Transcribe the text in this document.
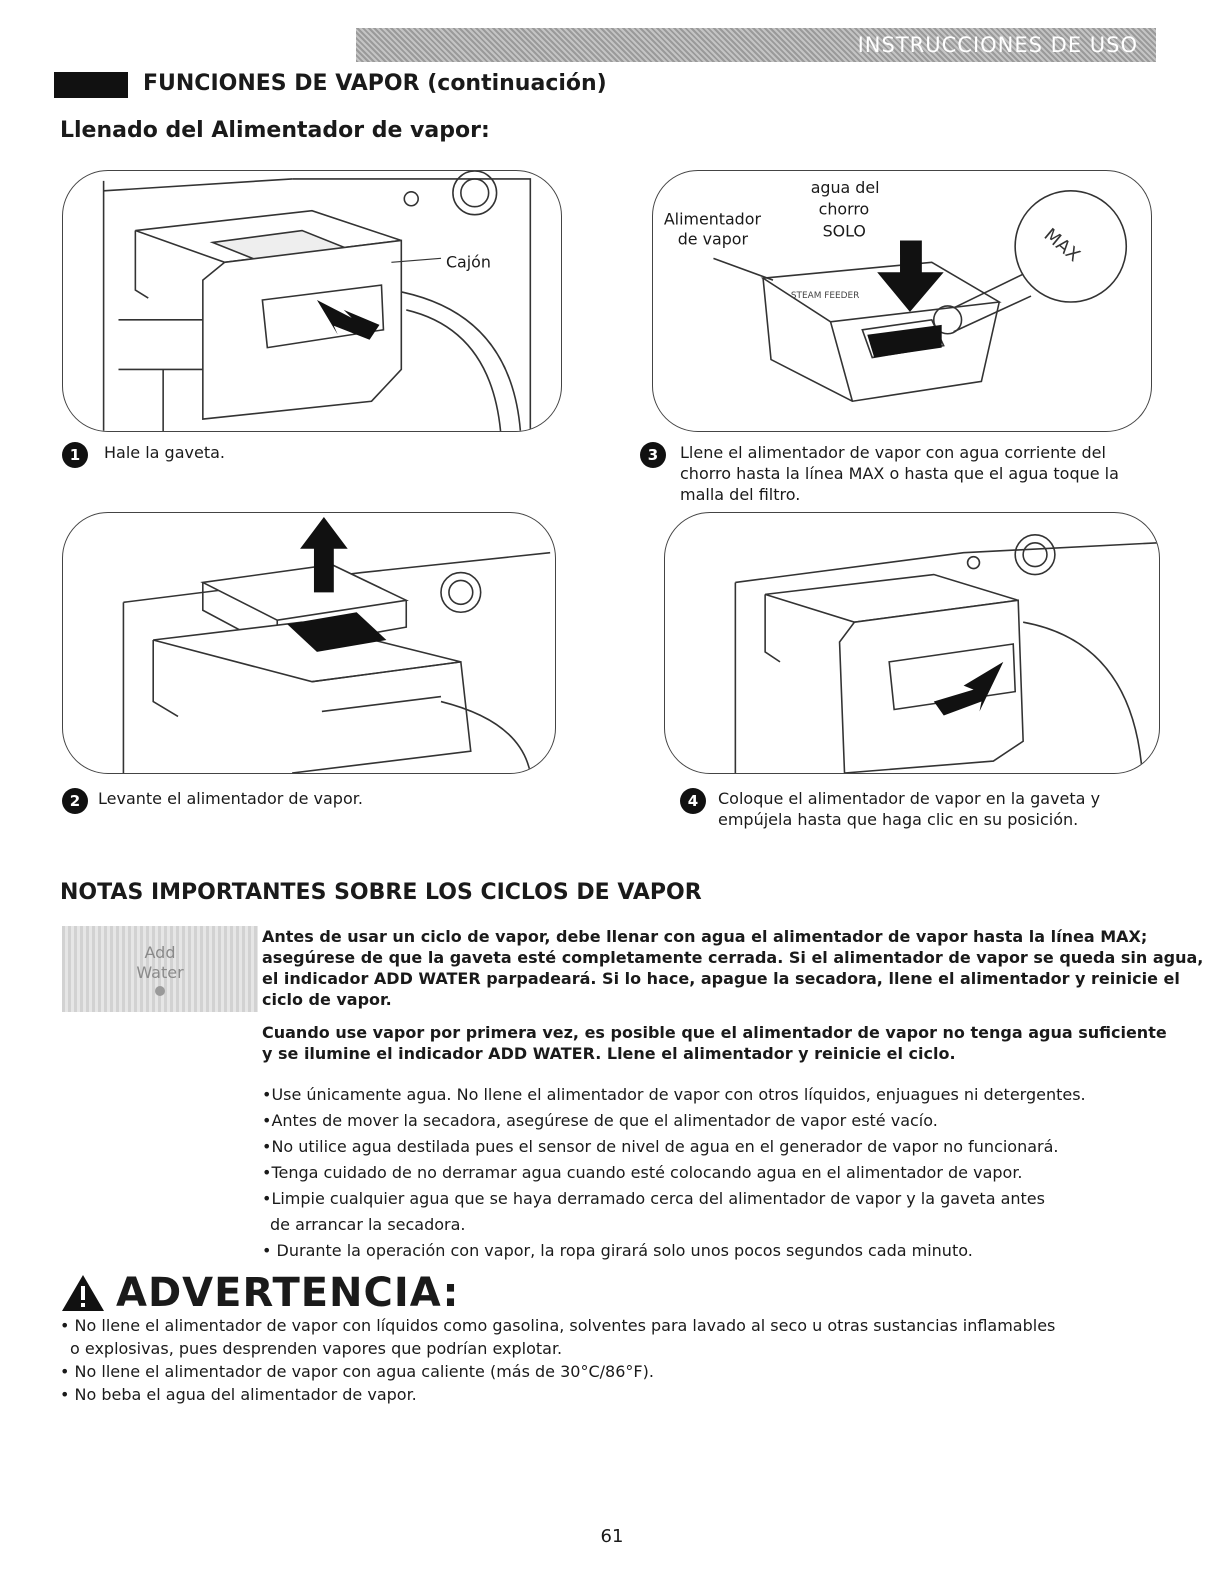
INSTRUCCIONES DE USO
FUNCIONES DE VAPOR (continuación)
Llenado del Alimentador de vapor:
Cajón
1	Hale la gaveta.
2	Levante el alimentador de vapor.
STEAM FEEDER
MAX
Alimentador
de vapor
agua del
chorro
SOLO
3	Llene el alimentador de vapor con agua corriente del
chorro hasta la línea MAX o hasta que el agua toque la
malla del filtro.
4	Coloque el alimentador de vapor en la gaveta y
empújela hasta que haga clic en su posición.
NOTAS IMPORTANTES SOBRE LOS CICLOS DE VAPOR
Add
Water
Antes de usar un ciclo de vapor, debe llenar con agua el alimentador de vapor hasta la línea MAX;
asegúrese de que la gaveta esté completamente cerrada. Si el alimentador de vapor se queda sin agua,
el indicador ADD WATER parpadeará. Si lo hace, apague la secadora, llene el alimentador y reinicie el
ciclo de vapor.
Cuando use vapor por primera vez, es posible que el alimentador de vapor no tenga agua suficiente
y se ilumine el indicador ADD WATER. Llene el alimentador y reinicie el ciclo.
•Use únicamente agua. No llene el alimentador de vapor con otros líquidos, enjuagues ni detergentes.
•Antes de mover la secadora, asegúrese de que el alimentador de vapor esté vacío.
•No utilice agua destilada pues el sensor de nivel de agua en el generador de vapor no funcionará.
•Tenga cuidado de no derramar agua cuando esté colocando agua en el alimentador de vapor.
•Limpie cualquier agua que se haya derramado cerca del alimentador de vapor y la gaveta antes
de arrancar la secadora.
• Durante la operación con vapor, la ropa girará solo unos pocos segundos cada minuto.
ADVERTENCIA:
• No llene el alimentador de vapor con líquidos como gasolina, solventes para lavado al seco u otras sustancias inflamables
o explosivas, pues desprenden vapores que podrían explotar.
• No llene el alimentador de vapor con agua caliente (más de 30°C/86°F).
• No beba el agua del alimentador de vapor.
61
